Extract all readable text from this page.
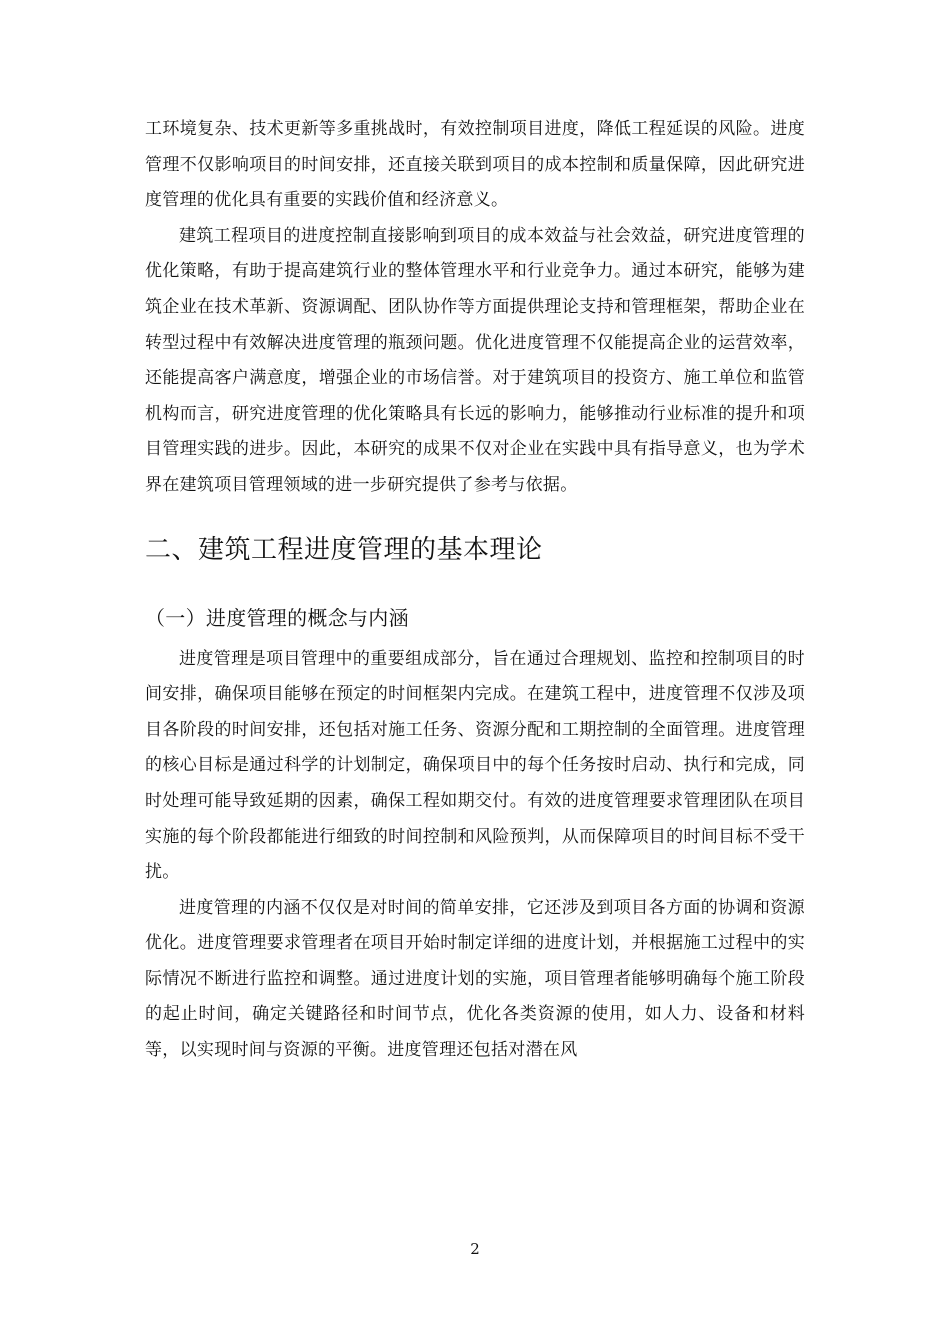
工环境复杂、技术更新等多重挑战时，有效控制项目进度，降低工程延误的风险。进度管理不仅影响项目的时间安排，还直接关联到项目的成本控制和质量保障，因此研究进度管理的优化具有重要的实践价值和经济意义。

建筑工程项目的进度控制直接影响到项目的成本效益与社会效益，研究进度管理的优化策略，有助于提高建筑行业的整体管理水平和行业竞争力。通过本研究，能够为建筑企业在技术革新、资源调配、团队协作等方面提供理论支持和管理框架，帮助企业在转型过程中有效解决进度管理的瓶颈问题。优化进度管理不仅能提高企业的运营效率，还能提高客户满意度，增强企业的市场信誉。对于建筑项目的投资方、施工单位和监管机构而言，研究进度管理的优化策略具有长远的影响力，能够推动行业标准的提升和项目管理实践的进步。因此，本研究的成果不仅对企业在实践中具有指导意义，也为学术界在建筑项目管理领域的进一步研究提供了参考与依据。

二、建筑工程进度管理的基本理论
（一）进度管理的概念与内涵

进度管理是项目管理中的重要组成部分，旨在通过合理规划、监控和控制项目的时间安排，确保项目能够在预定的时间框架内完成。在建筑工程中，进度管理不仅涉及项目各阶段的时间安排，还包括对施工任务、资源分配和工期控制的全面管理。进度管理的核心目标是通过科学的计划制定，确保项目中的每个任务按时启动、执行和完成，同时处理可能导致延期的因素，确保工程如期交付。有效的进度管理要求管理团队在项目实施的每个阶段都能进行细致的时间控制和风险预判，从而保障项目的时间目标不受干扰。

进度管理的内涵不仅仅是对时间的简单安排，它还涉及到项目各方面的协调和资源优化。进度管理要求管理者在项目开始时制定详细的进度计划，并根据施工过程中的实际情况不断进行监控和调整。通过进度计划的实施，项目管理者能够明确每个施工阶段的起止时间，确定关键路径和时间节点，优化各类资源的使用，如人力、设备和材料等，以实现时间与资源的平衡。进度管理还包括对潜在风

2
